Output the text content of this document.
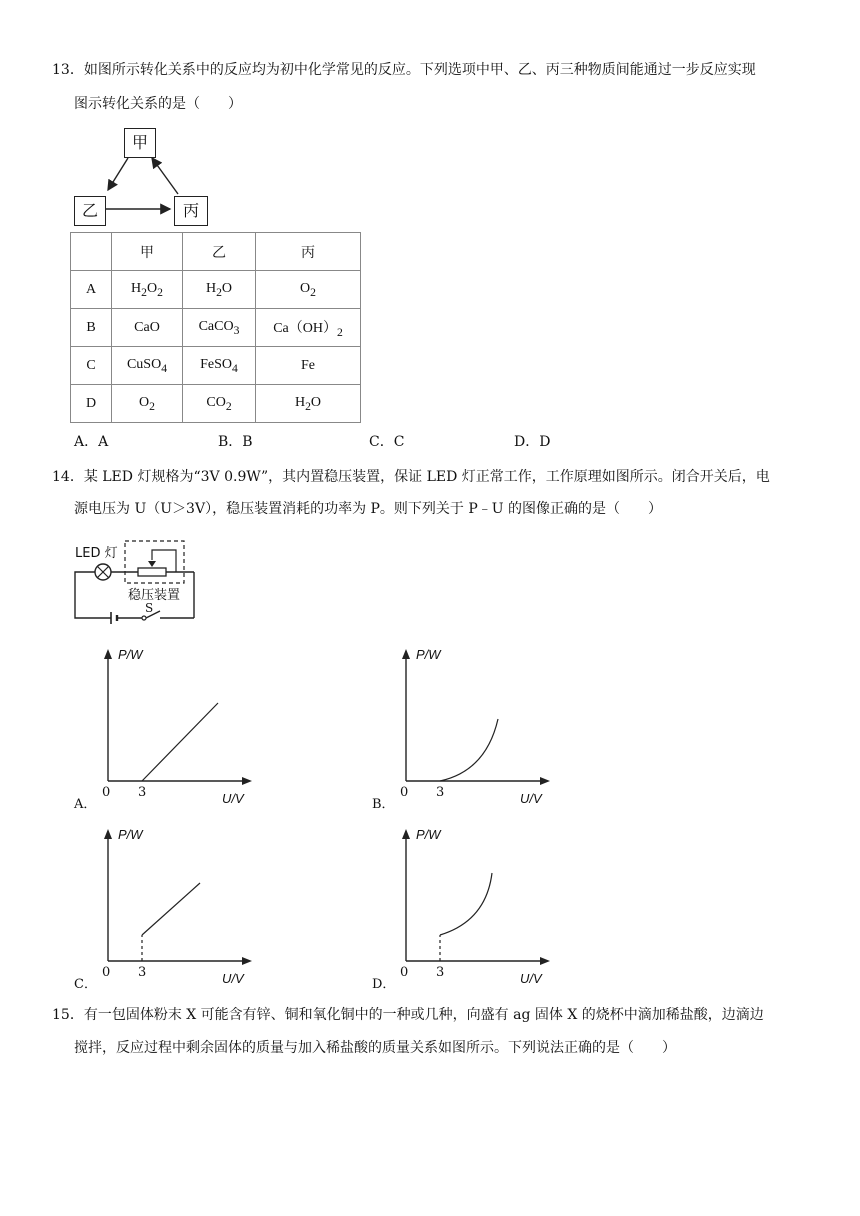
13．如图所示转化关系中的反应均为初中化学常见的反应。下列选项中甲、乙、丙三种物质间能通过一步反应实现
图示转化关系的是（　　）
甲
乙	丙
	甲	乙	丙
A	$H_2O_2$	$H_2O$	$O_2$
B	CaO	CaCO$_3$	$Ca(OH)_2$
C	CuSO$_4$	FeSO$_4$	Fe
D	$O_2$	$CO_2$	$H_2O$
A．A	B．B	C．C	D．D
14．某 LED 灯规格为“3V 0.9W”，其内置稳压装置，保证 LED 灯正常工作，工作原理如图所示。闭合开关后，电
源电压为 U（U＞3V），稳压装置消耗的功率为 P。则下列关于 P﹣U 的图像正确的是（　　）
LED 灯
稳压装置
S
P/W
U/V
0 3
A．
P/W
U/V
0 3
B．
P/W
U/V
0 3
C．
P/W
U/V
0 3
D．
15．有一包固体粉末 X 可能含有锌、铜和氧化铜中的一种或几种，向盛有 ag 固体 X 的烧杯中滴加稀盐酸，边滴边
搅拌，反应过程中剩余固体的质量与加入稀盐酸的质量关系如图所示。下列说法正确的是（　　）
